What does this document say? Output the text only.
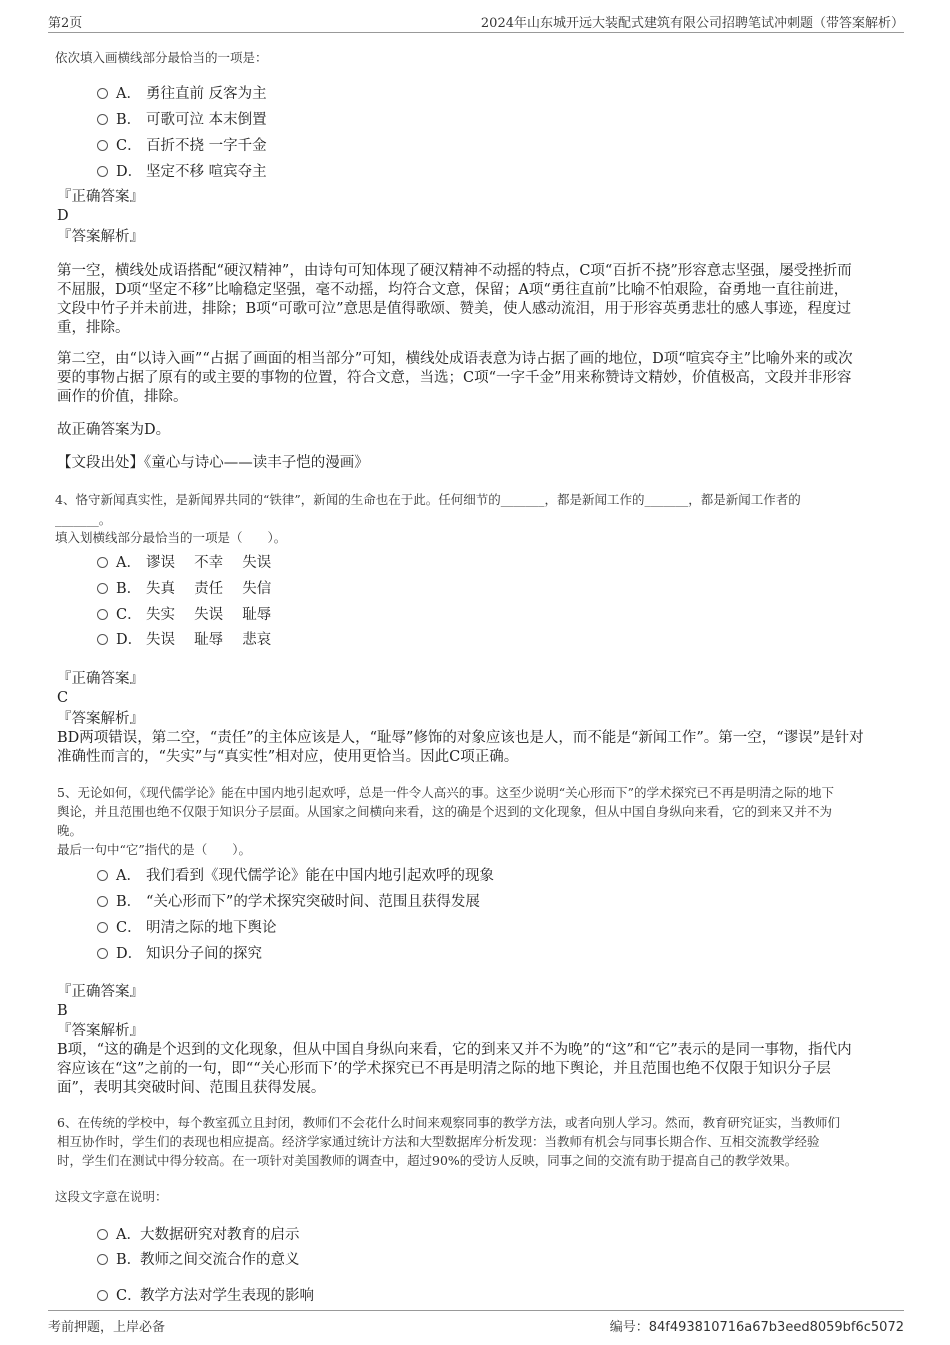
第2页	2024年山东城开远大装配式建筑有限公司招聘笔试冲刺题（带答案解析）
依次填入画横线部分最恰当的一项是：
A． 勇往直前 反客为主
B． 可歌可泣 本末倒置
C． 百折不挠 一字千金
D． 坚定不移 喧宾夺主
『正确答案』
D
『答案解析』
第一空，横线处成语搭配“硬汉精神”，由诗句可知体现了硬汉精神不动摇的特点，C项“百折不挠”形容意志坚强，屡受挫折而
不屈服，D项“坚定不移”比喻稳定坚强，毫不动摇，均符合文意，保留；A项“勇往直前”比喻不怕艰险，奋勇地一直往前进，
文段中竹子并未前进，排除；B项“可歌可泣”意思是值得歌颂、赞美，使人感动流泪，用于形容英勇悲壮的感人事迹，程度过
重，排除。
第二空，由“以诗入画”“占据了画面的相当部分”可知，横线处成语表意为诗占据了画的地位，D项“喧宾夺主”比喻外来的或次
要的事物占据了原有的或主要的事物的位置，符合文意，当选；C项“一字千金”用来称赞诗文精妙，价值极高，文段并非形容
画作的价值，排除。
故正确答案为D。
【文段出处】《童心与诗心——读丰子恺的漫画》
4、恪守新闻真实性，是新闻界共同的“铁律”，新闻的生命也在于此。任何细节的_______，都是新闻工作的_______，都是新闻工作者的
_______。
填入划横线部分最恰当的一项是（　　）。
A． 谬误　 不幸　 失误
B． 失真　 责任　 失信
C． 失实　 失误　 耻辱
D． 失误　 耻辱　 悲哀
『正确答案』
C
『答案解析』
BD两项错误，第二空，“责任”的主体应该是人，“耻辱”修饰的对象应该也是人，而不能是“新闻工作”。第一空，“谬误”是针对
准确性而言的，“失实”与“真实性”相对应，使用更恰当。因此C项正确。
5、无论如何，《现代儒学论》能在中国内地引起欢呼，总是一件令人高兴的事。这至少说明“关心形而下”的学术探究已不再是明清之际的地下
舆论，并且范围也绝不仅限于知识分子层面。从国家之间横向来看，这的确是个迟到的文化现象，但从中国自身纵向来看，它的到来又并不为
晚。
最后一句中“它”指代的是（　　）。
A． 我们看到《现代儒学论》能在中国内地引起欢呼的现象
B． “关心形而下”的学术探究突破时间、范围且获得发展
C． 明清之际的地下舆论
D． 知识分子间的探究
『正确答案』
B
『答案解析』
B项，“这的确是个迟到的文化现象，但从中国自身纵向来看，它的到来又并不为晚”的“这”和“它”表示的是同一事物，指代内
容应该在“这”之前的一句，即““关心形而下’的学术探究已不再是明清之际的地下舆论，并且范围也绝不仅限于知识分子层
面”，表明其突破时间、范围且获得发展。
6、在传统的学校中，每个教室孤立且封闭，教师们不会花什么时间来观察同事的教学方法，或者向别人学习。然而，教育研究证实，当教师们
相互协作时，学生们的表现也相应提高。经济学家通过统计方法和大型数据库分析发现：当教师有机会与同事长期合作、互相交流教学经验
时，学生们在测试中得分较高。在一项针对美国教师的调查中，超过90%的受访人反映，同事之间的交流有助于提高自己的教学效果。
这段文字意在说明：
A．大数据研究对教育的启示
B．教师之间交流合作的意义
C．教学方法对学生表现的影响
考前押题，上岸必备	编号：84f493810716a67b3eed8059bf6c5072
